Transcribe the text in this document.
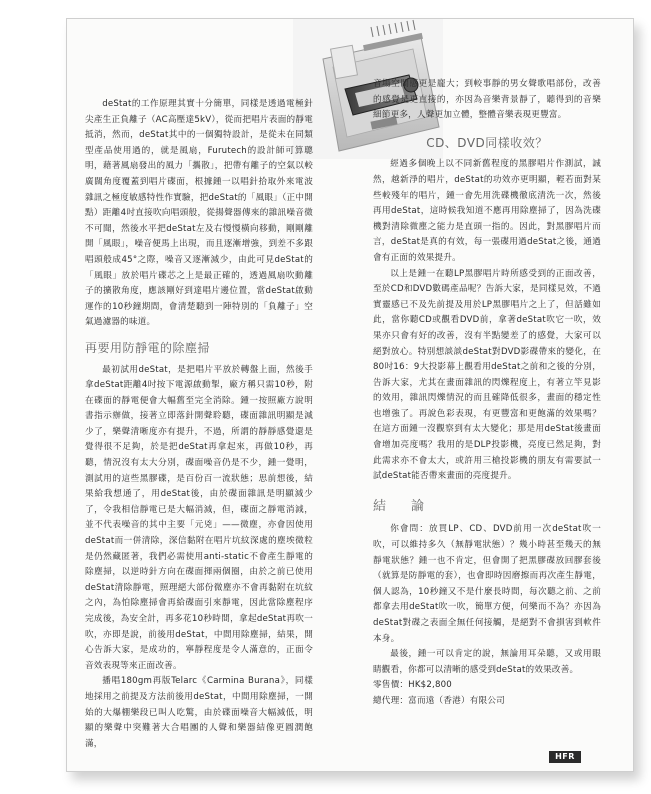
deStat的工作原理其實十分簡單，同樣是透過電極針尖產生正負離子（AC高壓達5kV），從而把唱片表面的靜電抵消，然而，deStat其中的一個獨特設計，是從未在同類型產品使用過的，就是風扇，Furutech的設計師可算聰明，藉著風扇發出的風力「攜散」，把帶有離子的空氣以較廣闊角度覆蓋到唱片碟面，根據鍾一以唱針拾取外來電波雜訊之極度敏感特性作實驗，把deStat的「風眼」（正中開點）距離4吋直接吹向唱頭般，從揚聲器傳來的雜訊噪音微不可聞，然後水平把deStat左及右慢慢橫向移動，剛剛離開「風眼」，噪音便馬上出現，而且逐漸增強，到差不多跟唱頭般成45°之際，噪音又逐漸減少，由此可見deStat的「風眼」放於唱片碟芯之上是最正確的，透過風扇吹動離子的擴散角度，應該剛好到達唱片邊位置，當deStat啟動運作的10秒鐘期間，會清楚聽到一陣特別的「負離子」空氣過濾器的味道。

再要用防靜電的除塵掃

最初試用deStat，是把唱片平放於轉盤上面，然後手拿deStat距離4吋按下電源啟動掣，廠方稱只需10秒，附在碟面的靜電便會大幅舊至完全消除。鍾一按照廠方說明書指示辦做，接著立即落針開聲聆聽，碟面雜訊明顯是減少了，樂聲清晰度亦有提升，不過，所謂的靜靜感覺還是覺得很不足夠，於是把deStat再拿起來，再做10秒，再聽，情況沒有太大分別，碟面噪音仍是不少，鍾一覺明，測試用的這些黑膠碟，是百份百一流狀態；思前想後，結果給我想通了，用deStat後，由於碟面雜訊是明顯減少了，令我相信靜電已是大幅消減，但，碟面之靜電消減，並不代表噪音的其中主要「元兇」——微塵，亦會因使用deStat而一併清除，深信黏附在唱片坑紋深處的塵埃微粒是仍然藏匿著，我們必需使用anti-static不會產生靜電的除塵掃，以逆時針方向在碟面揮兩個圈，由於之前已使用deStat清除靜電，照理絕大部份微塵亦不會再黏附在坑紋之內，為怕除塵掃會再給碟面引來靜電，因此當除塵程序完成後，為安全計，再多花10秒時間，拿起deStat再吹一吹，亦即是說，前後用deStat，中間用除塵掃，結果，開心告訴大家，是成功的，寧靜程度是令人滿意的，正面令音效表現等來正面改善。

播唱180gm再版Telarc《Carmina Burana》，同樣地採用之前提及方法前後用deStat，中間用除塵掃，一開始的大爆棚樂段已叫人吃驚，由於碟面噪音大幅減低，明顯的樂聲中突難著大合唱團的人聲和樂器結像更圓潤飽滿，

音場空間感更是龐大；到較事靜的男女聲歌唱部份，改善的感覺是更直接的，亦因為音樂背景靜了，聽得到的音樂細節更多，人聲更加立體，整體音樂表現更豐富。

CD、DVD同樣收效？

經過多個晚上以不同新舊程度的黑膠唱片作測試，誠然，越新淨的唱片，deStat的功效亦更明顯，輕若面對某些較殘年的唱片，鍾一會先用洗碟機徹底清洗一次，然後再用deStat，這時候我知道不應再用除塵掃了，因為洗碟機對清除微塵之能力是直頭一指的。因此，對黑膠唱片而言，deStat是真的有效，每一張碟用過deStat之後，通過會有正面的效果提升。

以上是鍾一在聽LP黑膠唱片時所感受到的正面改善，至於CD和DVD數碼產品呢？告訴大家，是同樣見效，不過實靈感已不及先前提及用於LP黑膠唱片之上了，但話雖如此，當你聽CD或觀看DVD前，拿著deStat吹它一吹，效果亦只會有好的改善，沒有半點變差了的感覺，大家可以絕對放心。特別想談談deStat對DVD影碟帶來的變化，在80吋16：9大投影幕上觀看用deStat之前和之後的分別，告訴大家，尤其在畫面雜訊的閃爍程度上，有著立竿見影的效用，雜訊閃爍情況的而且確降低很多，畫面的穩定性也增強了。再說色彩表現，有更豐富和更飽滿的效果嗎？在這方面鍾一沒觀察到有太大變化；那是用deStat後畫面會增加亮度嗎？我用的是DLP投影機，亮度已然足夠，對此需求亦不會太大，或許用三槍投影機的朋友有需要試一試deStat能否帶來畫面的亮度提升。

結　論

你會問：放買LP、CD、DVD前用一次deStat吹一吹，可以維持多久（無靜電狀態）？幾小時甚至幾天的無靜電狀態？鍾一也不肯定，但會開了把黑膠碟放回膠套後（就算是防靜電的套），也會即時因磨擦而再次產生靜電，個人認為，10秒鐘又不是什麼長時間，每次聽之前、之前都拿去用deStat吹一吹，簡單方便，何樂而不為？亦因為deStat對碟之表面全無任何接觸，是絕對不會損害到軟件本身。

最後，鍾一可以肯定的說，無論用耳朵聽，又或用眼睛觀看，你都可以清晰的感受到deStat的效果改善。

零售價：HK$2,800

總代理：富而遠（香港）有限公司

HFR
